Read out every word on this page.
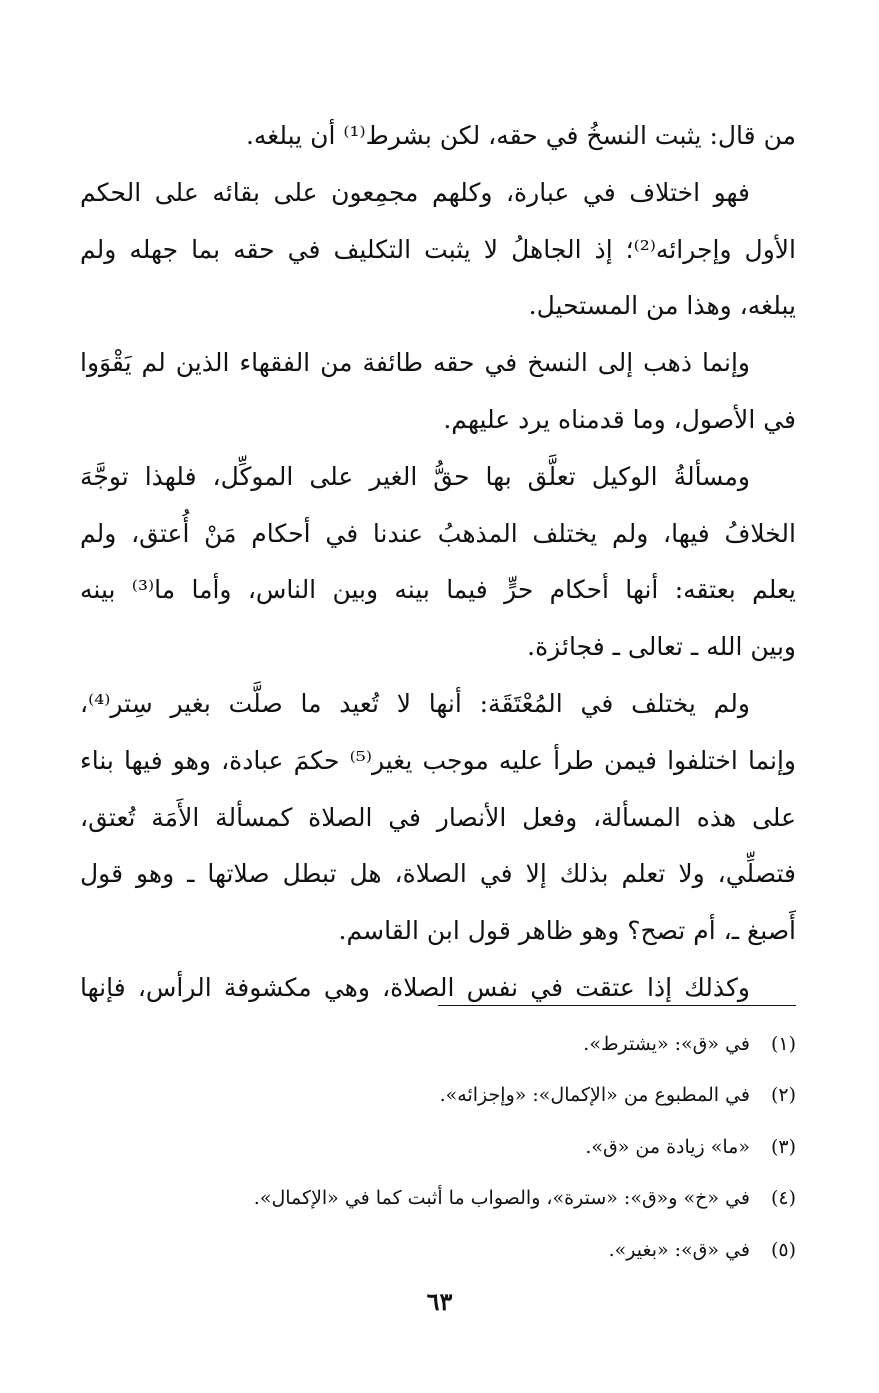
من قال: يثبت النسخُ في حقه، لكن بشرط⁽¹⁾ أن يبلغه.
فهو اختلاف في عبارة، وكلهم مجمِعون على بقائه على الحكم
الأول وإجرائه⁽²⁾؛ إذ الجاهلُ لا يثبت التكليف في حقه بما جهله ولم
يبلغه، وهذا من المستحيل.
وإنما ذهب إلى النسخ في حقه طائفة من الفقهاء الذين لم يَقْوَوا
في الأصول، وما قدمناه يرد عليهم.
ومسألةُ الوكيل تعلَّق بها حقُّ الغير على الموكِّل، فلهذا توجَّهَ
الخلافُ فيها، ولم يختلف المذهبُ عندنا في أحكام مَنْ أُعتق، ولم
يعلم بعتقه: أنها أحكام حرٍّ فيما بينه وبين الناس، وأما ما⁽³⁾ بينه
وبين الله ـ تعالى ـ فجائزة.
ولم يختلف في المُعْتَقَة: أنها لا تُعيد ما صلَّت بغير سِتر⁽⁴⁾،
وإنما اختلفوا فيمن طرأ عليه موجب يغير⁽⁵⁾ حكمَ عبادة، وهو فيها بناء
على هذه المسألة، وفعل الأنصار في الصلاة كمسألة الأَمَة تُعتق،
فتصلِّي، ولا تعلم بذلك إلا في الصلاة، هل تبطل صلاتها ـ وهو قول
أَصبغ ـ، أم تصح؟ وهو ظاهر قول ابن القاسم.
وكذلك إذا عتقت في نفس الصلاة، وهي مكشوفة الرأس، فإنها
(١)
في «ق»: «يشترط».
(٢)
في المطبوع من «الإكمال»: «وإجزائه».
(٣)
«ما» زيادة من «ق».
(٤)
في «خ» و«ق»: «سترة»، والصواب ما أثبت كما في «الإكمال».
(٥)
في «ق»: «بغير».
٦٣
